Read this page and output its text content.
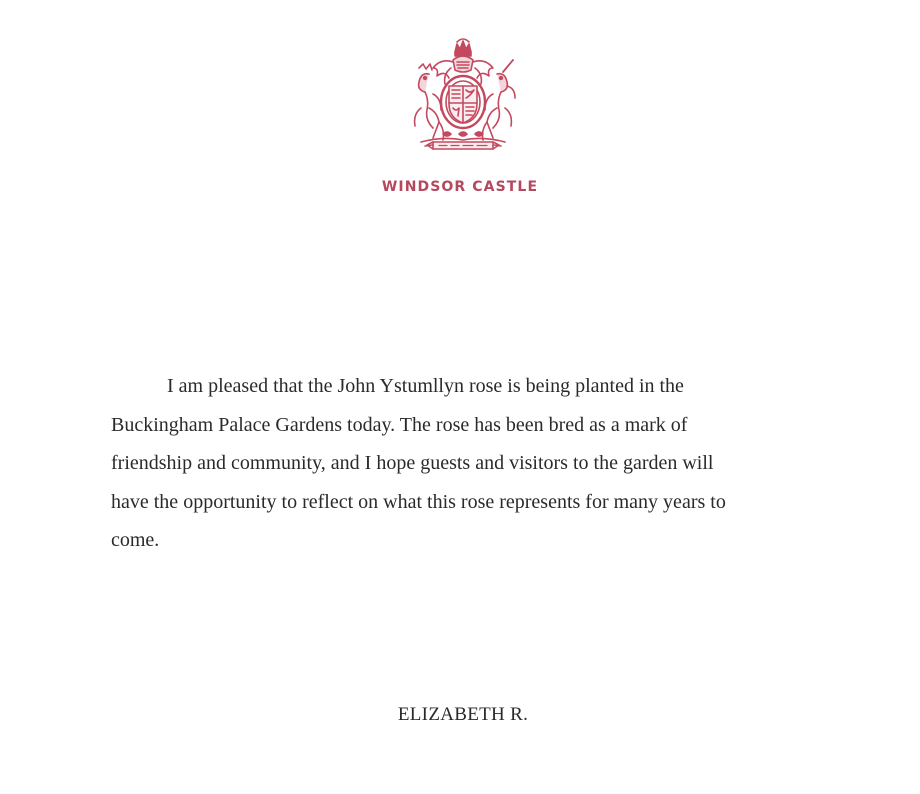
WINDSOR CASTLE
I am pleased that the John Ystumllyn rose is being planted in the
Buckingham Palace Gardens today. The rose has been bred as a mark of
friendship and community, and I hope guests and visitors to the garden will
have the opportunity to reflect on what this rose represents for many years to
come.
ELIZABETH R.
